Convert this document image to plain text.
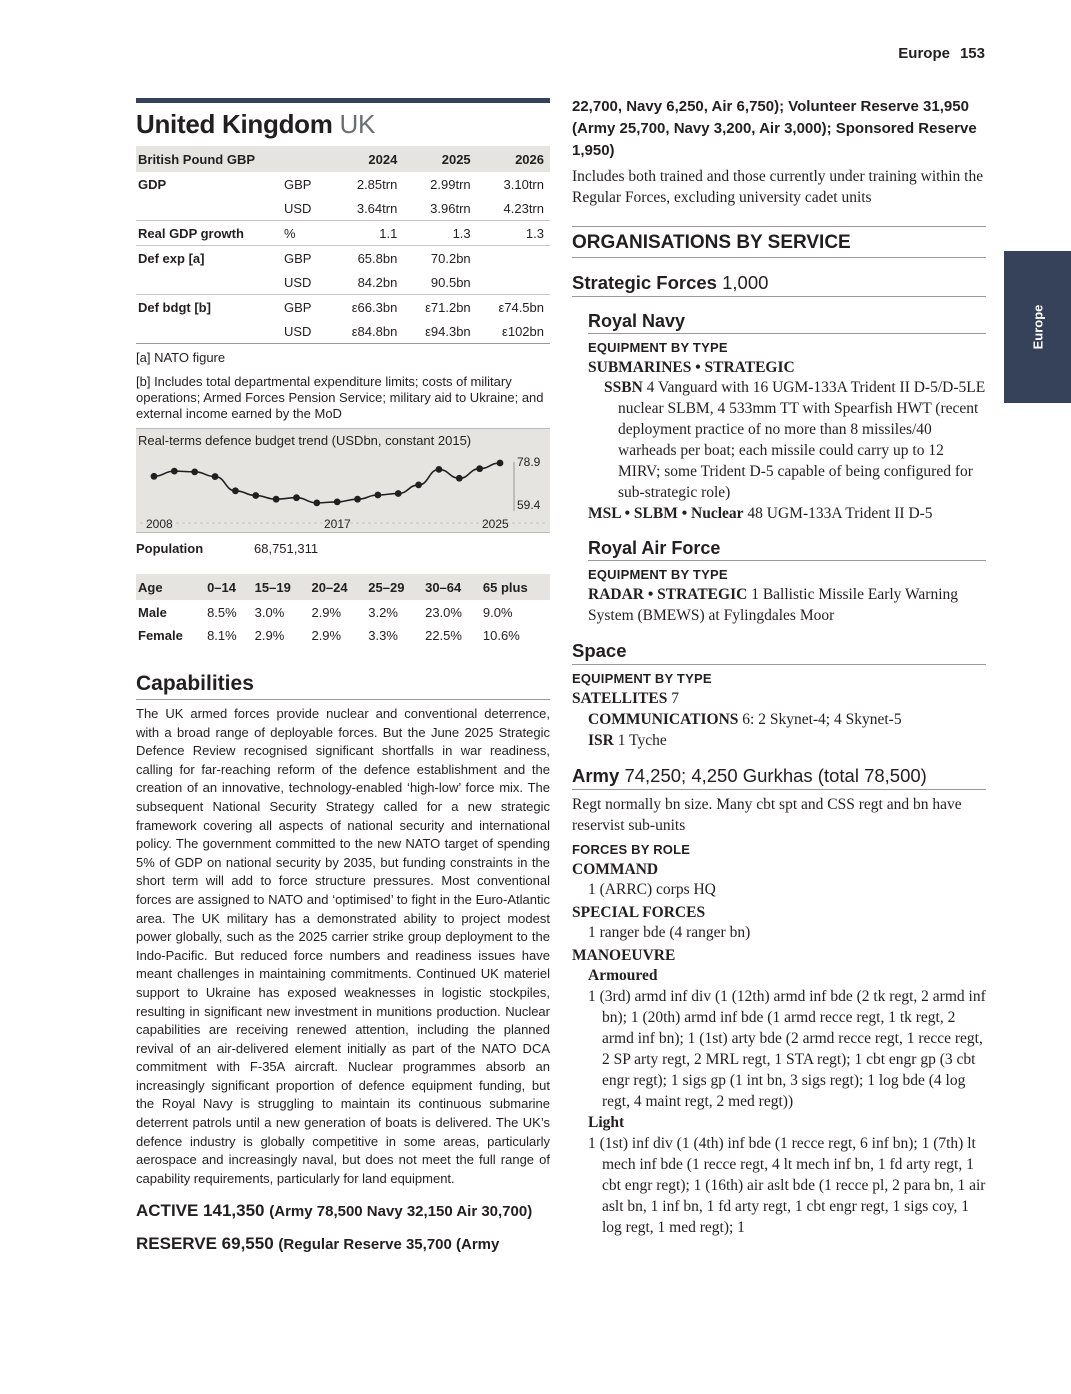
Europe 153
Europe
United Kingdom UK
British Pound GBP		2024	2025	2026
GDP	GBP	2.85trn	2.99trn	3.10trn
	USD	3.64trn	3.96trn	4.23trn
Real GDP growth	%	1.1	1.3	1.3
Def exp [a]	GBP	65.8bn	70.2bn	
	USD	84.2bn	90.5bn	
Def bdgt [b]	GBP	ε66.3bn	ε71.2bn	ε74.5bn
	USD	ε84.8bn	ε94.3bn	ε102bn
[a] NATO figure
[b] Includes total departmental expenditure limits; costs of military operations; Armed Forces Pension Service; military aid to Ukraine; and external income earned by the MoD
Real-terms defence budget trend (USDbn, constant 2015)
2008	2017	2025
78.9
59.4
Population	68,751,311
Age	0–14	15–19	20–24	25–29	30–64	65 plus
Male	8.5%	3.0%	2.9%	3.2%	23.0%	9.0%
Female	8.1%	2.9%	2.9%	3.3%	22.5%	10.6%
Capabilities
The UK armed forces provide nuclear and conventional deterrence, with a broad range of deployable forces. But the June 2025 Strategic Defence Review recognised significant shortfalls in war readiness, calling for far-reaching reform of the defence establishment and the creation of an innovative, technology-enabled ‘high-low’ force mix. The subsequent National Security Strategy called for a new strategic framework covering all aspects of national security and international policy. The government committed to the new NATO target of spending 5% of GDP on national security by 2035, but funding constraints in the short term will add to force structure pressures. Most conventional forces are assigned to NATO and ‘optimised’ to fight in the Euro-Atlantic area. The UK military has a demonstrated ability to project modest power globally, such as the 2025 carrier strike group deployment to the Indo-Pacific. But reduced force numbers and readiness issues have meant challenges in maintaining commitments. Continued UK materiel support to Ukraine has exposed weaknesses in logistic stockpiles, resulting in significant new investment in munitions production. Nuclear capabilities are receiving renewed attention, including the planned revival of an air-delivered element initially as part of the NATO DCA commitment with F-35A aircraft. Nuclear programmes absorb an increasingly significant proportion of defence equipment funding, but the Royal Navy is struggling to maintain its continuous submarine deterrent patrols until a new generation of boats is delivered. The UK’s defence industry is globally competitive in some areas, particularly aerospace and increasingly naval, but does not meet the full range of capability requirements, particularly for land equipment.
ACTIVE 141,350 (Army 78,500 Navy 32,150 Air 30,700)
RESERVE 69,550 (Regular Reserve 35,700 (Army
22,700, Navy 6,250, Air 6,750); Volunteer Reserve 31,950 (Army 25,700, Navy 3,200, Air 3,000); Sponsored Reserve 1,950)
Includes both trained and those currently under training within the Regular Forces, excluding university cadet units
ORGANISATIONS BY SERVICE
Strategic Forces 1,000
Royal Navy
EQUIPMENT BY TYPE
SUBMARINES • STRATEGIC
SSBN 4 Vanguard with 16 UGM-133A Trident II D-5/D-5LE nuclear SLBM, 4 533mm TT with Spearfish HWT (recent deployment practice of no more than 8 missiles/40 warheads per boat; each missile could carry up to 12 MIRV; some Trident D-5 capable of being configured for sub-strategic role)
MSL • SLBM • Nuclear 48 UGM-133A Trident II D-5
Royal Air Force
EQUIPMENT BY TYPE
RADAR • STRATEGIC 1 Ballistic Missile Early Warning System (BMEWS) at Fylingdales Moor
Space
EQUIPMENT BY TYPE
SATELLITES 7
COMMUNICATIONS 6: 2 Skynet-4; 4 Skynet-5
ISR 1 Tyche
Army 74,250; 4,250 Gurkhas (total 78,500)
Regt normally bn size. Many cbt spt and CSS regt and bn have reservist sub-units
FORCES BY ROLE
COMMAND
1 (ARRC) corps HQ
SPECIAL FORCES
1 ranger bde (4 ranger bn)
MANOEUVRE
Armoured
1 (3rd) armd inf div (1 (12th) armd inf bde (2 tk regt, 2 armd inf bn); 1 (20th) armd inf bde (1 armd recce regt, 1 tk regt, 2 armd inf bn); 1 (1st) arty bde (2 armd recce regt, 1 recce regt, 2 SP arty regt, 2 MRL regt, 1 STA regt); 1 cbt engr gp (3 cbt engr regt); 1 sigs gp (1 int bn, 3 sigs regt); 1 log bde (4 log regt, 4 maint regt, 2 med regt))
Light
1 (1st) inf div (1 (4th) inf bde (1 recce regt, 6 inf bn); 1 (7th) lt mech inf bde (1 recce regt, 4 lt mech inf bn, 1 fd arty regt, 1 cbt engr regt); 1 (16th) air aslt bde (1 recce pl, 2 para bn, 1 air aslt bn, 1 inf bn, 1 fd arty regt, 1 cbt engr regt, 1 sigs coy, 1 log regt, 1 med regt); 1
